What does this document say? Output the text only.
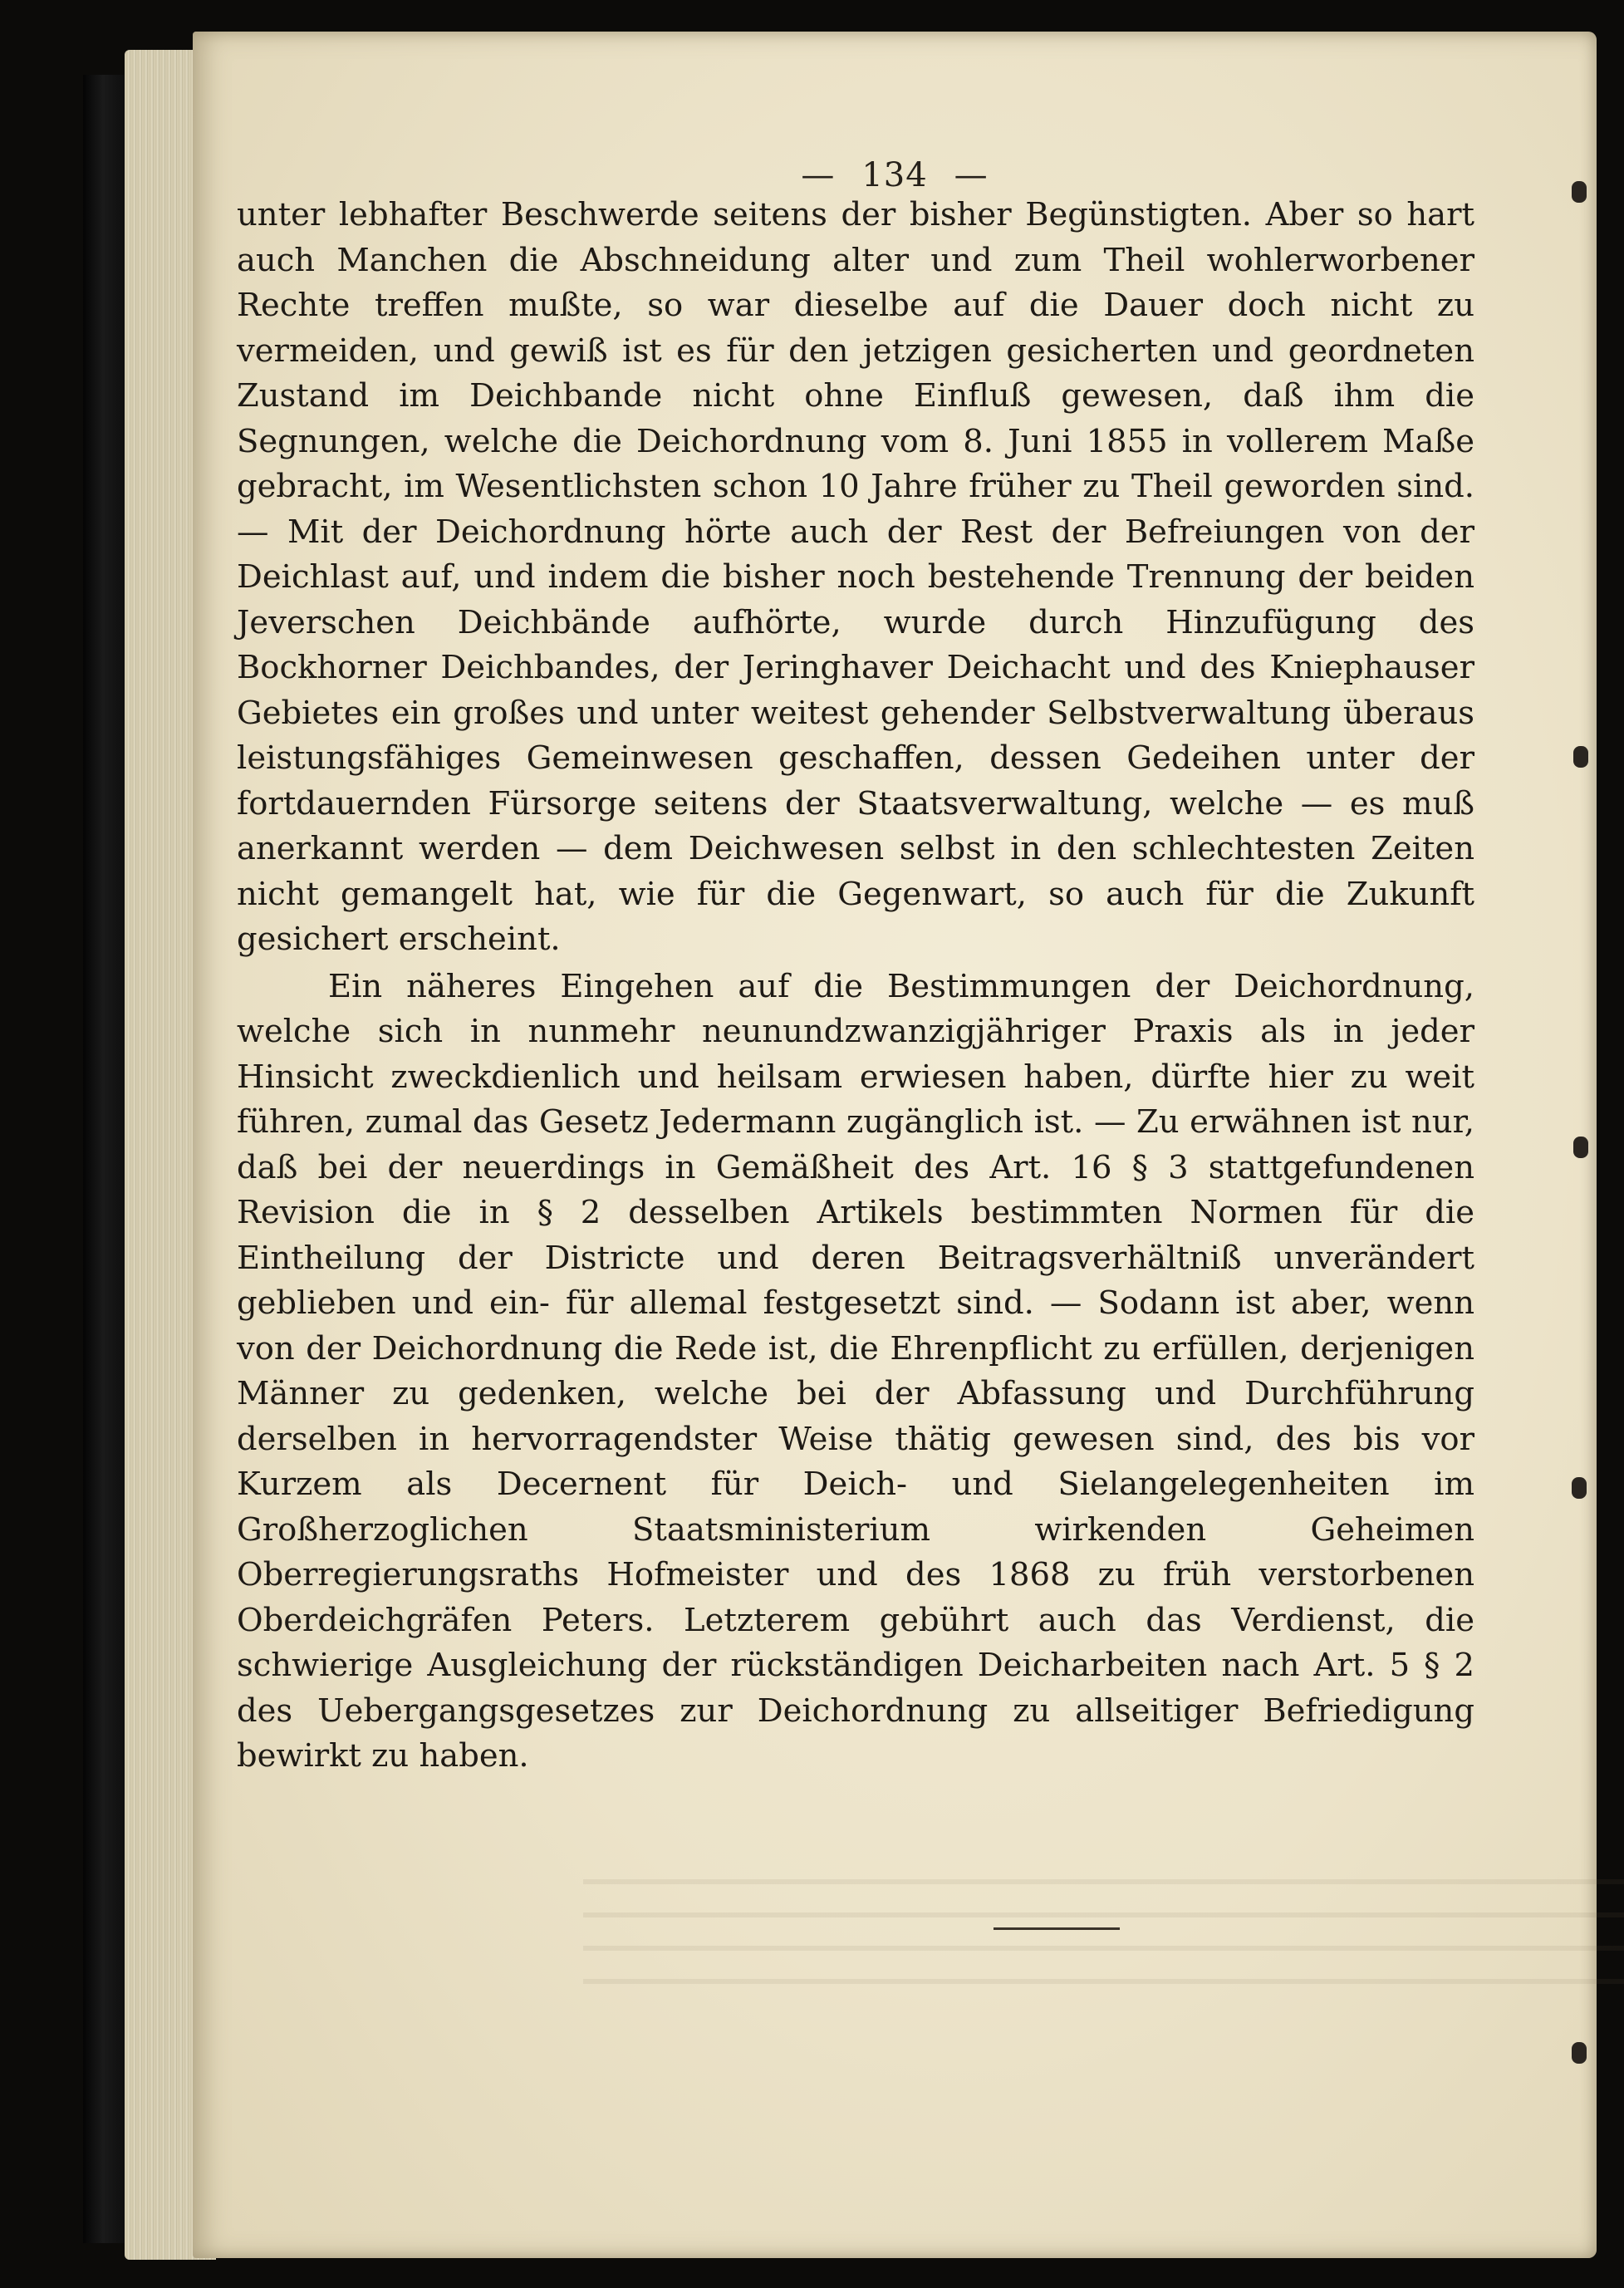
— 134 —

unter lebhafter Beschwerde seitens der bisher Begünstigten. Aber so hart auch Manchen die Abschneidung alter und zum Theil wohlerworbener Rechte treffen mußte, so war dieselbe auf die Dauer doch nicht zu vermeiden, und gewiß ist es für den jetzigen gesicherten und geordneten Zustand im Deichbande nicht ohne Einfluß gewesen, daß ihm die Segnungen, welche die Deichordnung vom 8. Juni 1855 in vollerem Maße gebracht, im Wesentlichsten schon 10 Jahre früher zu Theil geworden sind. — Mit der Deichordnung hörte auch der Rest der Befreiungen von der Deichlast auf, und indem die bisher noch bestehende Trennung der beiden Jeverschen Deichbände aufhörte, wurde durch Hinzufügung des Bockhorner Deichbandes, der Jeringhaver Deichacht und des Kniephauser Gebietes ein großes und unter weitest gehender Selbstverwaltung überaus leistungsfähiges Gemeinwesen geschaffen, dessen Gedeihen unter der fortdauernden Fürsorge seitens der Staatsverwaltung, welche — es muß anerkannt werden — dem Deichwesen selbst in den schlechtesten Zeiten nicht gemangelt hat, wie für die Gegenwart, so auch für die Zukunft gesichert erscheint.

Ein näheres Eingehen auf die Bestimmungen der Deichordnung, welche sich in nunmehr neunundzwanzigjähriger Praxis als in jeder Hinsicht zweckdienlich und heilsam erwiesen haben, dürfte hier zu weit führen, zumal das Gesetz Jedermann zugänglich ist. — Zu erwähnen ist nur, daß bei der neuerdings in Gemäßheit des Art. 16 § 3 stattgefundenen Revision die in § 2 desselben Artikels bestimmten Normen für die Eintheilung der Districte und deren Beitragsverhältniß unverändert geblieben und ein- für allemal festgesetzt sind. — Sodann ist aber, wenn von der Deichordnung die Rede ist, die Ehrenpflicht zu erfüllen, derjenigen Männer zu gedenken, welche bei der Abfassung und Durchführung derselben in hervorragendster Weise thätig gewesen sind, des bis vor Kurzem als Decernent für Deich- und Sielangelegenheiten im Großherzoglichen Staatsministerium wirkenden Geheimen Oberregierungsraths Hofmeister und des 1868 zu früh verstorbenen Oberdeichgräfen Peters. Letzterem gebührt auch das Verdienst, die schwierige Ausgleichung der rückständigen Deicharbeiten nach Art. 5 § 2 des Uebergangsgesetzes zur Deichordnung zu allseitiger Befriedigung bewirkt zu haben.
